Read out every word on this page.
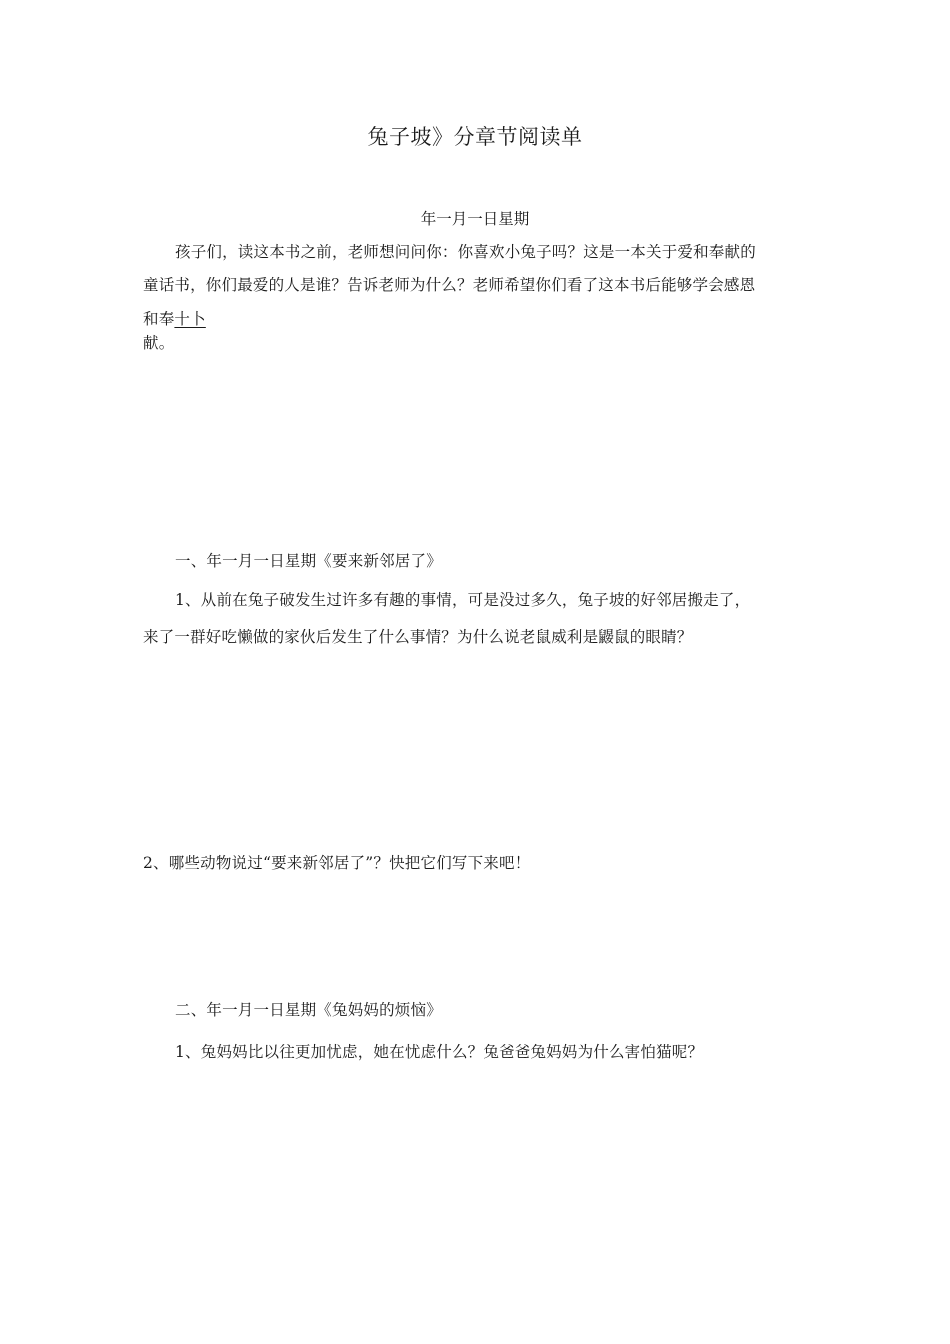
兔子坡》分章节阅读单
年一月一日星期
孩子们，读这本书之前，老师想问问你：你喜欢小兔子吗？这是一本关于爱和奉献的
童话书，你们最爱的人是谁？告诉老师为什么？老师希望你们看了这本书后能够学会感恩
和奉十卜
献。
一、年一月一日星期《要来新邻居了》
1、从前在兔子破发生过许多有趣的事情，可是没过多久，兔子坡的好邻居搬走了，
来了一群好吃懒做的家伙后发生了什么事情？为什么说老鼠威利是鼹鼠的眼睛？
2、哪些动物说过“要来新邻居了”？快把它们写下来吧！
二、年一月一日星期《兔妈妈的烦恼》
1、兔妈妈比以往更加忧虑，她在忧虑什么？兔爸爸兔妈妈为什么害怕猫呢？
